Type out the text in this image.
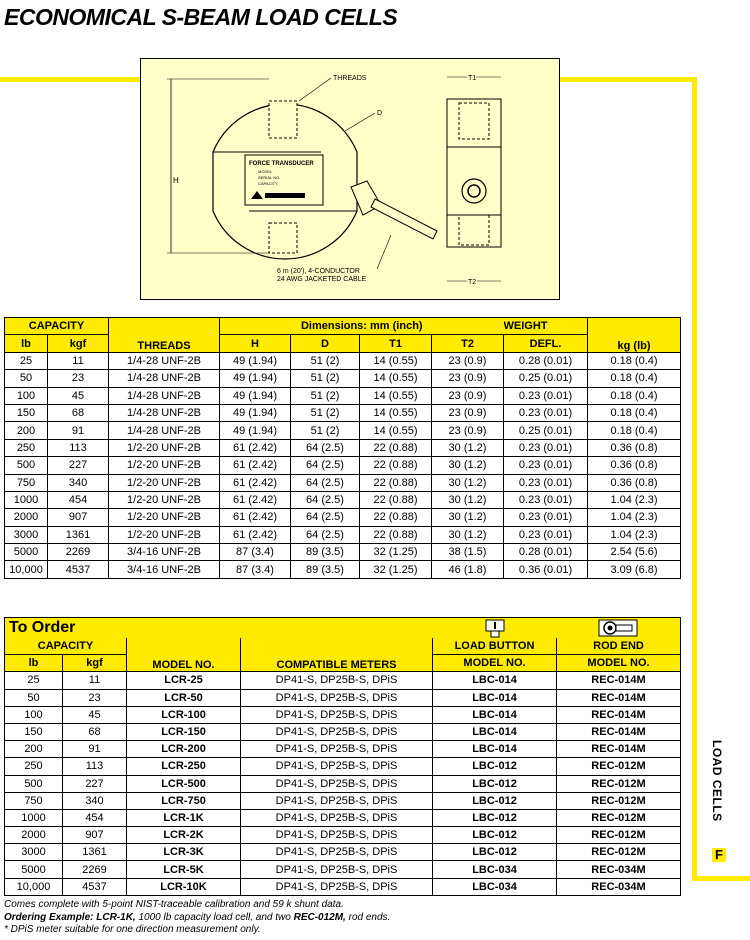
ECONOMICAL S-BEAM LOAD CELLS
FORCE TRANSDUCER
MODEL
SERIAL NO.
CAPACITY
H
THREADS
D
6 m (20'), 4-CONDUCTOR
24 AWG JACKETED CABLE
T1
T2
CAPACITY		THREADS	Dimensions: mm (inch)				WEIGHT	kg (lb)
lb	kgf		H	D	T1	T2	DEFL.	
25	11	1/4-28 UNF-2B	49 (1.94)	51 (2)	14 (0.55)	23 (0.9)	0.28 (0.01)	0.18 (0.4)
50	23	1/4-28 UNF-2B	49 (1.94)	51 (2)	14 (0.55)	23 (0.9)	0.25 (0.01)	0.18 (0.4)
100	45	1/4-28 UNF-2B	49 (1.94)	51 (2)	14 (0.55)	23 (0.9)	0.23 (0.01)	0.18 (0.4)
150	68	1/4-28 UNF-2B	49 (1.94)	51 (2)	14 (0.55)	23 (0.9)	0.23 (0.01)	0.18 (0.4)
200	91	1/4-28 UNF-2B	49 (1.94)	51 (2)	14 (0.55)	23 (0.9)	0.25 (0.01)	0.18 (0.4)
250	113	1/2-20 UNF-2B	61 (2.42)	64 (2.5)	22 (0.88)	30 (1.2)	0.23 (0.01)	0.36 (0.8)
500	227	1/2-20 UNF-2B	61 (2.42)	64 (2.5)	22 (0.88)	30 (1.2)	0.23 (0.01)	0.36 (0.8)
750	340	1/2-20 UNF-2B	61 (2.42)	64 (2.5)	22 (0.88)	30 (1.2)	0.23 (0.01)	0.36 (0.8)
1000	454	1/2-20 UNF-2B	61 (2.42)	64 (2.5)	22 (0.88)	30 (1.2)	0.23 (0.01)	1.04 (2.3)
2000	907	1/2-20 UNF-2B	61 (2.42)	64 (2.5)	22 (0.88)	30 (1.2)	0.23 (0.01)	1.04 (2.3)
3000	1361	1/2-20 UNF-2B	61 (2.42)	64 (2.5)	22 (0.88)	30 (1.2)	0.23 (0.01)	1.04 (2.3)
5000	2269	3/4-16 UNF-2B	87 (3.4)	89 (3.5)	32 (1.25)	38 (1.5)	0.28 (0.01)	2.54 (5.6)
10,000	4537	3/4-16 UNF-2B	87 (3.4)	89 (3.5)	32 (1.25)	46 (1.8)	0.36 (0.01)	3.09 (6.8)
To Order		
CAPACITY		MODEL NO.	COMPATIBLE METERS	LOAD BUTTON	ROD END
lb	kgf			MODEL NO.	MODEL NO.
25	11	LCR-25	DP41-S, DP25B-S, DPiS	LBC-014	REC-014M
50	23	LCR-50	DP41-S, DP25B-S, DPiS	LBC-014	REC-014M
100	45	LCR-100	DP41-S, DP25B-S, DPiS	LBC-014	REC-014M
150	68	LCR-150	DP41-S, DP25B-S, DPiS	LBC-014	REC-014M
200	91	LCR-200	DP41-S, DP25B-S, DPiS	LBC-014	REC-014M
250	113	LCR-250	DP41-S, DP25B-S, DPiS	LBC-012	REC-012M
500	227	LCR-500	DP41-S, DP25B-S, DPiS	LBC-012	REC-012M
750	340	LCR-750	DP41-S, DP25B-S, DPiS	LBC-012	REC-012M
1000	454	LCR-1K	DP41-S, DP25B-S, DPiS	LBC-012	REC-012M
2000	907	LCR-2K	DP41-S, DP25B-S, DPiS	LBC-012	REC-012M
3000	1361	LCR-3K	DP41-S, DP25B-S, DPiS	LBC-012	REC-012M
5000	2269	LCR-5K	DP41-S, DP25B-S, DPiS	LBC-034	REC-034M
10,000	4537	LCR-10K	DP41-S, DP25B-S, DPiS	LBC-034	REC-034M
Comes complete with 5-point NIST-traceable calibration and 59 k shunt data.
Ordering Example: LCR-1K, 1000 lb capacity load cell, and two REC-012M, rod ends.
* DPiS meter suitable for one direction measurement only.
LOAD CELLS
F
